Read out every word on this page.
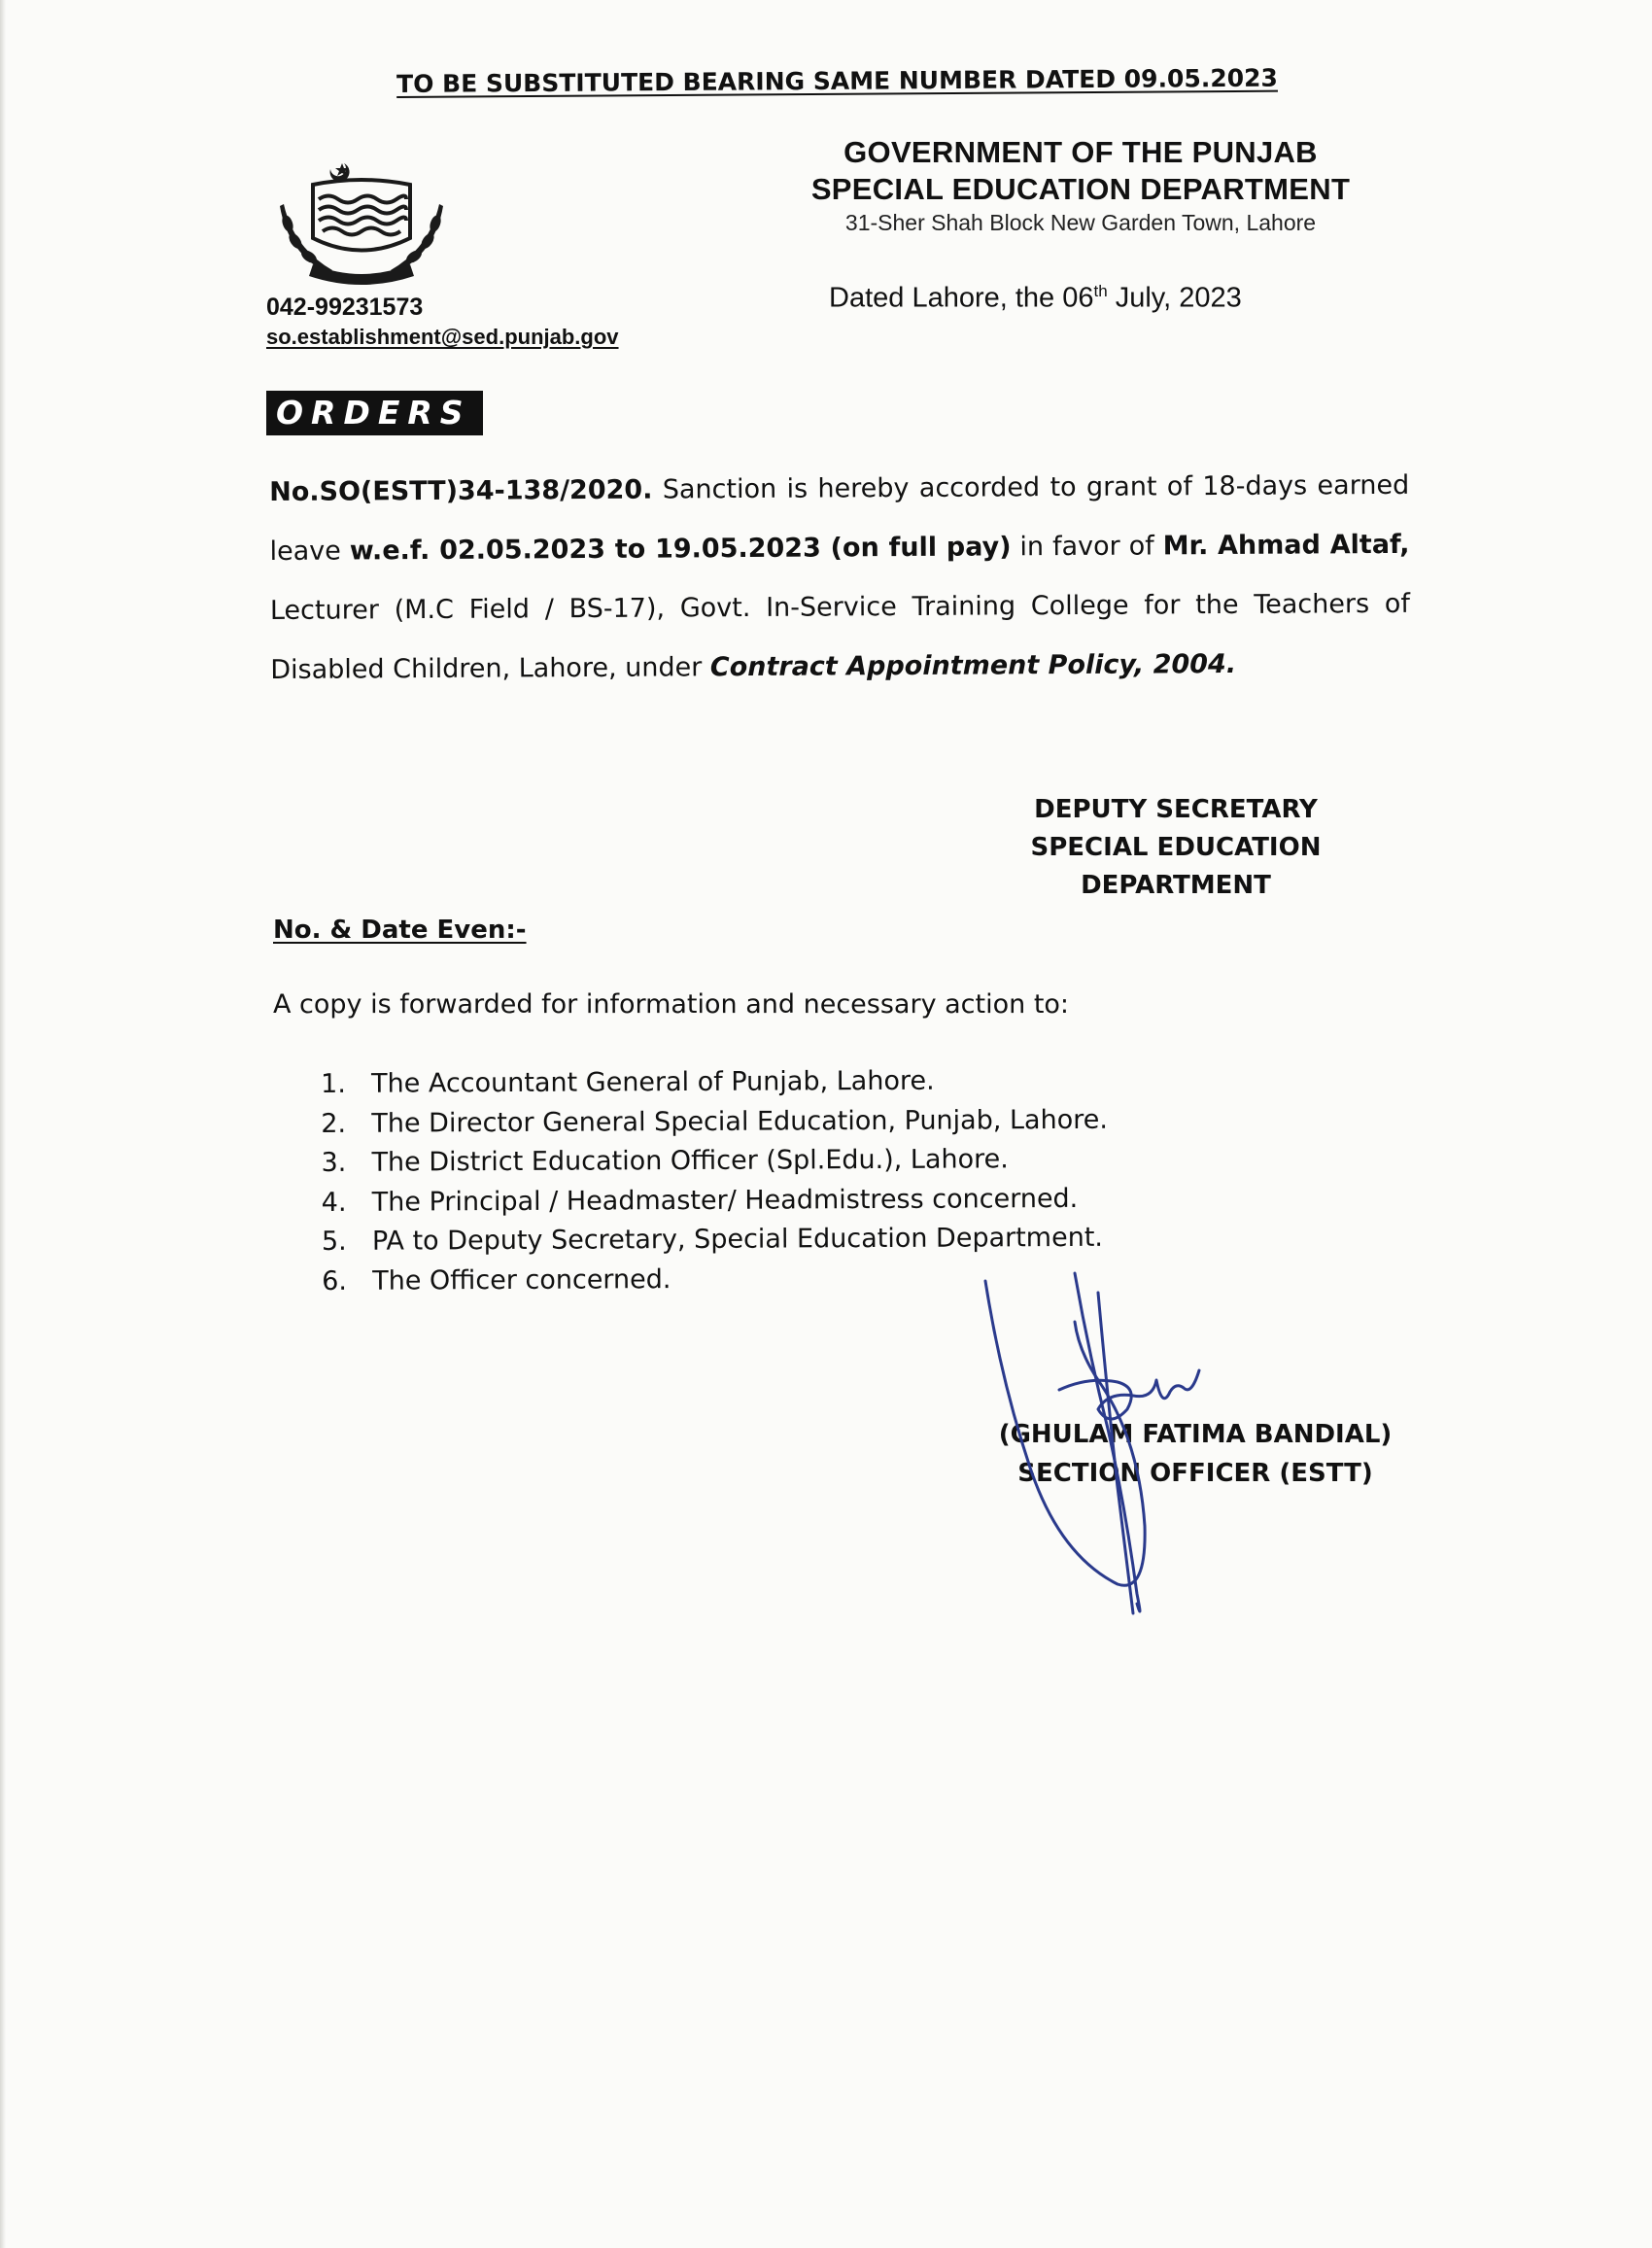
TO BE SUBSTITUTED BEARING SAME NUMBER DATED 09.05.2023
GOVERNMENT OF THE PUNJAB
SPECIAL EDUCATION DEPARTMENT
31-Sher Shah Block New Garden Town, Lahore
042-99231573
so.establishment@sed.punjab.gov
Dated Lahore, the 06th July, 2023
ORDERS
No.SO(ESTT)34-138/2020. Sanction is hereby accorded to grant of 18-days earned leave w.e.f. 02.05.2023 to 19.05.2023 (on full pay) in favor of Mr. Ahmad Altaf, Lecturer (M.C Field / BS-17), Govt. In-Service Training College for the Teachers of Disabled Children, Lahore, under Contract Appointment Policy, 2004.
DEPUTY SECRETARY
SPECIAL EDUCATION
DEPARTMENT
No. & Date Even:-
A copy is forwarded for information and necessary action to:
1. The Accountant General of Punjab, Lahore.
2. The Director General Special Education, Punjab, Lahore.
3. The District Education Officer (Spl.Edu.), Lahore.
4. The Principal / Headmaster/ Headmistress concerned.
5. PA to Deputy Secretary, Special Education Department.
6. The Officer concerned.
(GHULAM FATIMA BANDIAL)
SECTION OFFICER (ESTT)
